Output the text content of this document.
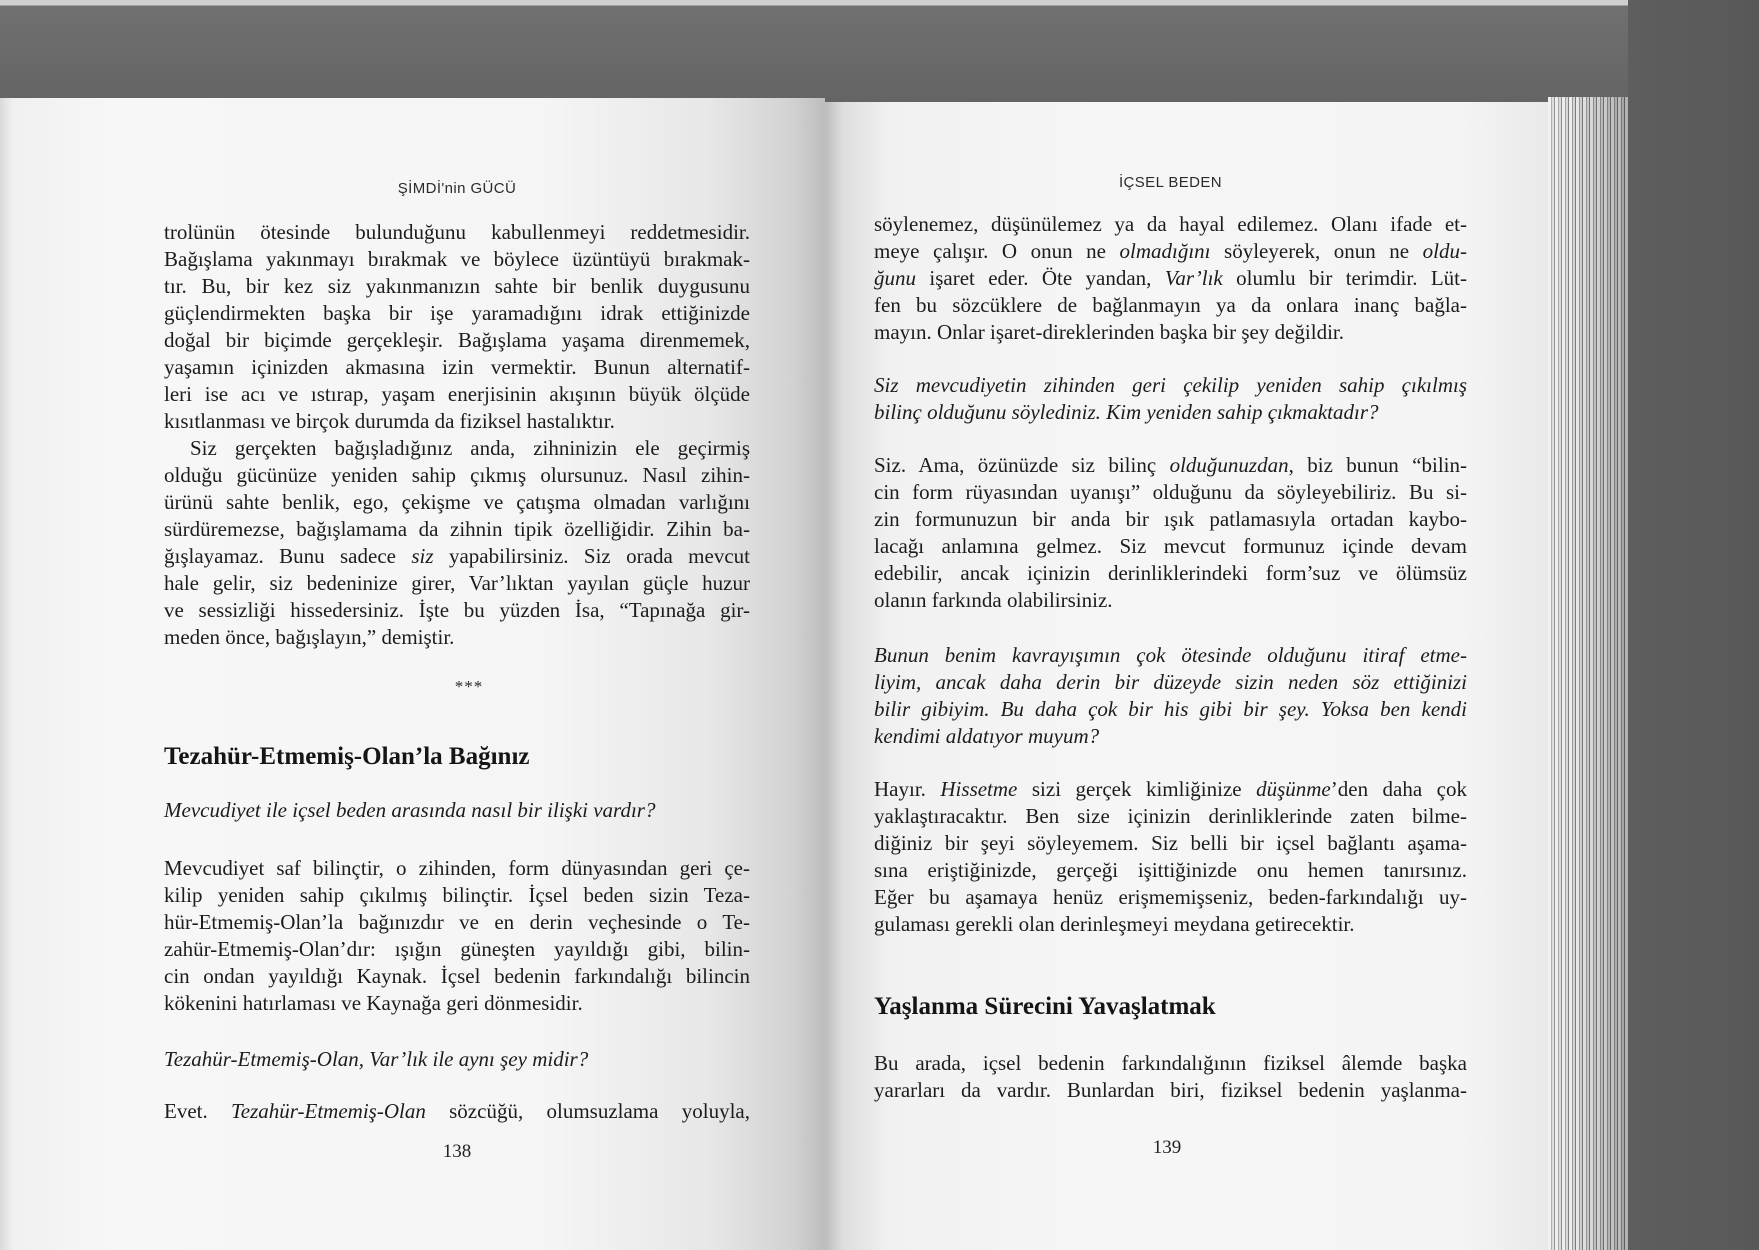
ŞİMDİ'nin GÜCÜ
trolünün ötesinde bulunduğunu kabullenmeyi reddetmesidir.
Bağışlama yakınmayı bırakmak ve böylece üzüntüyü bırakmak-
tır. Bu, bir kez siz yakınmanızın sahte bir benlik duygusunu
güçlendirmekten başka bir işe yaramadığını idrak ettiğinizde
doğal bir biçimde gerçekleşir. Bağışlama yaşama direnmemek,
yaşamın içinizden akmasına izin vermektir. Bunun alternatif-
leri ise acı ve ıstırap, yaşam enerjisinin akışının büyük ölçüde
kısıtlanması ve birçok durumda da fiziksel hastalıktır.
Siz gerçekten bağışladığınız anda, zihninizin ele geçirmiş
olduğu gücünüze yeniden sahip çıkmış olursunuz. Nasıl zihin-
ürünü sahte benlik, ego, çekişme ve çatışma olmadan varlığını
sürdüremezse, bağışlamama da zihnin tipik özelliğidir. Zihin ba-
ğışlayamaz. Bunu sadece siz yapabilirsiniz. Siz orada mevcut
hale gelir, siz bedeninize girer, Var’lıktan yayılan güçle huzur
ve sessizliği hissedersiniz. İşte bu yüzden İsa, “Tapınağa gir-
meden önce, bağışlayın,” demiştir.
***
Tezahür-Etmemiş-Olan’la Bağınız
Mevcudiyet ile içsel beden arasında nasıl bir ilişki vardır?
Mevcudiyet saf bilinçtir, o zihinden, form dünyasından geri çe-
kilip yeniden sahip çıkılmış bilinçtir. İçsel beden sizin Teza-
hür-Etmemiş-Olan’la bağınızdır ve en derin veçhesinde o Te-
zahür-Etmemiş-Olan’dır: ışığın güneşten yayıldığı gibi, bilin-
cin ondan yayıldığı Kaynak. İçsel bedenin farkındalığı bilincin
kökenini hatırlaması ve Kaynağa geri dönmesidir.
Tezahür-Etmemiş-Olan, Var’lık ile aynı şey midir?
Evet. Tezahür-Etmemiş-Olan sözcüğü, olumsuzlama yoluyla,
138
İÇSEL BEDEN
söylenemez, düşünülemez ya da hayal edilemez. Olanı ifade et-
meye çalışır. O onun ne olmadığını söyleyerek, onun ne oldu-
ğunu işaret eder. Öte yandan, Var’lık olumlu bir terimdir. Lüt-
fen bu sözcüklere de bağlanmayın ya da onlara inanç bağla-
mayın. Onlar işaret-direklerinden başka bir şey değildir.
Siz mevcudiyetin zihinden geri çekilip yeniden sahip çıkılmış
bilinç olduğunu söylediniz. Kim yeniden sahip çıkmaktadır?
Siz. Ama, özünüzde siz bilinç olduğunuzdan, biz bunun “bilin-
cin form rüyasından uyanışı” olduğunu da söyleyebiliriz. Bu si-
zin formunuzun bir anda bir ışık patlamasıyla ortadan kaybo-
lacağı anlamına gelmez. Siz mevcut formunuz içinde devam
edebilir, ancak içinizin derinliklerindeki form’suz ve ölümsüz
olanın farkında olabilirsiniz.
Bunun benim kavrayışımın çok ötesinde olduğunu itiraf etme-
liyim, ancak daha derin bir düzeyde sizin neden söz ettiğinizi
bilir gibiyim. Bu daha çok bir his gibi bir şey. Yoksa ben kendi
kendimi aldatıyor muyum?
Hayır. Hissetme sizi gerçek kimliğinize düşünme’den daha çok
yaklaştıracaktır. Ben size içinizin derinliklerinde zaten bilme-
diğiniz bir şeyi söyleyemem. Siz belli bir içsel bağlantı aşama-
sına eriştiğinizde, gerçeği işittiğinizde onu hemen tanırsınız.
Eğer bu aşamaya henüz erişmemişseniz, beden-farkındalığı uy-
gulaması gerekli olan derinleşmeyi meydana getirecektir.
Yaşlanma Sürecini Yavaşlatmak
Bu arada, içsel bedenin farkındalığının fiziksel âlemde başka
yararları da vardır. Bunlardan biri, fiziksel bedenin yaşlanma-
139
